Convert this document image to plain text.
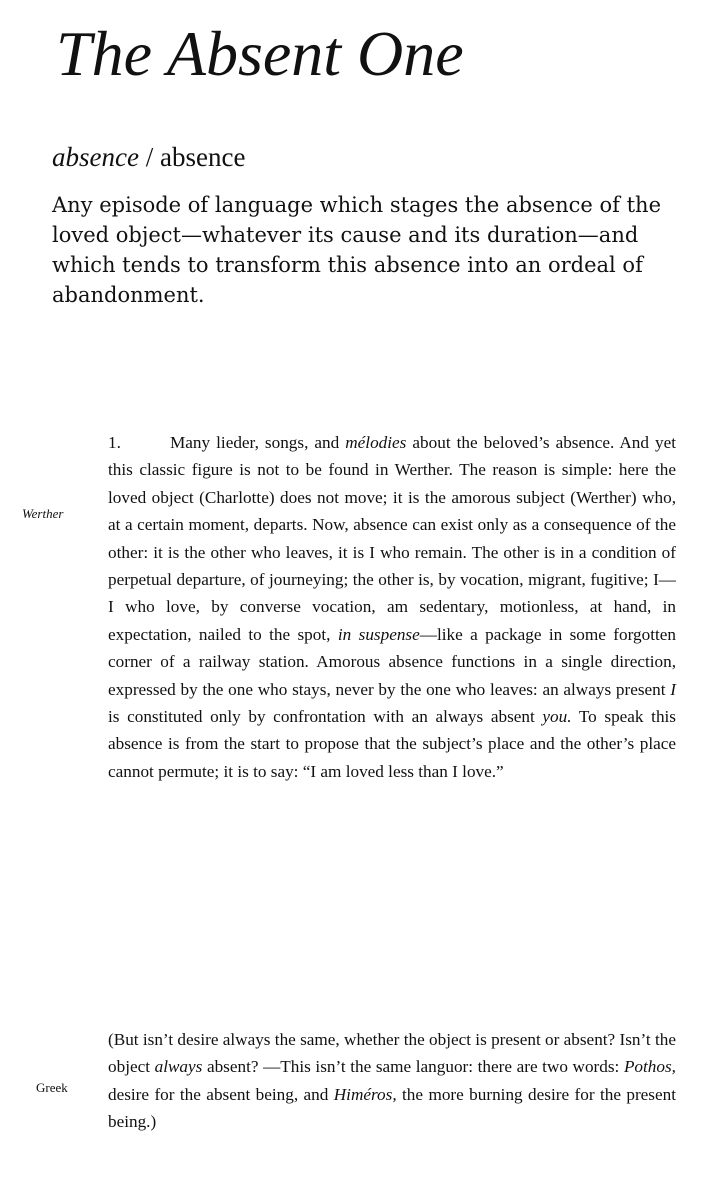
The Absent One
absence / absence

Any episode of language which stages the absence of the loved object—whatever its cause and its duration—and which tends to transform this absence into an ordeal of abandonment.

Werther

1.	Many lieder, songs, and mélodies about the beloved’s absence. And yet this classic figure is not to be found in Werther. The reason is simple: here the loved object (Charlotte) does not move; it is the amorous subject (Werther) who, at a certain moment, departs. Now, absence can exist only as a consequence of the other: it is the other who leaves, it is I who remain. The other is in a condition of perpetual departure, of journeying; the other is, by vocation, migrant, fugitive; I—I who love, by converse vocation, am sedentary, motionless, at hand, in expectation, nailed to the spot, in suspense—like a package in some forgotten corner of a railway station. Amorous absence functions in a single direction, expressed by the one who stays, never by the one who leaves: an always present I is constituted only by confrontation with an always absent you. To speak this absence is from the start to propose that the subject’s place and the other’s place cannot permute; it is to say: “I am loved less than I love.”

Greek

(But isn’t desire always the same, whether the object is present or absent? Isn’t the object always absent? —This isn’t the same languor: there are two words: Pothos, desire for the absent being, and Himéros, the more burning desire for the present being.)
